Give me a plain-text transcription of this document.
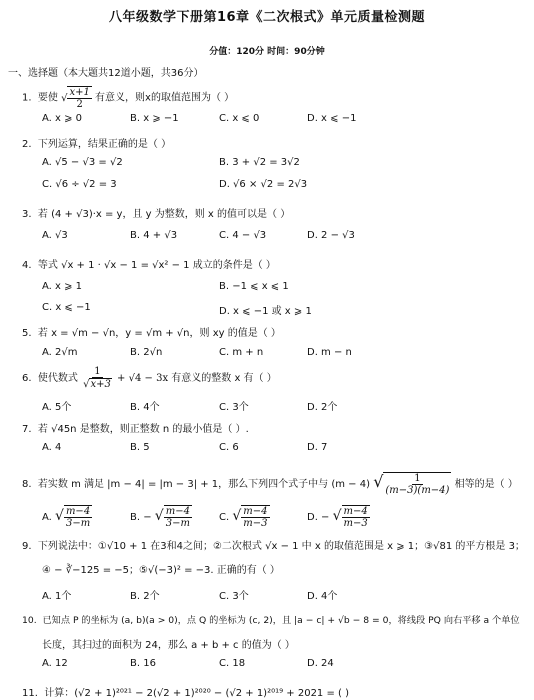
八年级数学下册第16章《二次根式》单元质量检测题
分值：120分 时间：90分钟
一、选择题（本大题共12道小题，共36分）
1. 要使 √ $\frac{x+1}{2}$ 有意义，则x的取值范围为（ ）
A. x ⩾ 0	B. x ⩾ −1	C. x ⩽ 0	D. x ⩽ −1
2. 下列运算，结果正确的是（ ）
A. √5 − √3 = √2	B. 3 + √2 = 3√2
C. √6 ÷ √2 = 3	D. √6 × √2 = 2√3
3. 若 (4 + √3)·x = y，且 y 为整数，则 x 的值可以是（ ）
A. √3	B. 4 + √3	C. 4 − √3	D. 2 − √3
4. 等式 √x + 1 · √x − 1 = √x² − 1 成立的条件是（ ）
A. x ⩾ 1	B. −1 ⩽ x ⩽ 1
C. x ⩽ −1	D. x ⩽ −1 或 x ⩾ 1
5. 若 x = √m − √n，y = √m + √n，则 xy 的值是（ ）
A. 2√m	B. 2√n	C. m + n	D. m − n
6. 使代数式 $\frac{1}{√x+3} + √4 - 3x$ 有意义的整数 x 有（ ）
A. 5个	B. 4个	C. 3个	D. 2个
7. 若 √45n 是整数，则正整数 n 的最小值是（ ）.
A. 4	B. 5	C. 6	D. 7
8. 若实数 m 满足 |m − 4| = |m − 3| + 1，那么下列四个式子中与 (m − 4) √ $\frac{1}{(m-3)(m-4)}$ 相等的是（ ）
A. √ $\frac{m-4}{3-m}$	B. − √ $\frac{m-4}{3-m}$	C. √ $\frac{m-4}{m-3}$	D. − √ $\frac{m-4}{m-3}$
9. 下列说法中：①√10 + 1 在3和4之间；②二次根式 √x − 1 中 x 的取值范围是 x ⩾ 1；③√81 的平方根是 3；
④ − ∛−125 = −5；⑤√(−3)² = −3. 正确的有（ ）
A. 1个	B. 2个	C. 3个	D. 4个
10. 已知点 P 的坐标为 (a, b)(a > 0)，点 Q 的坐标为 (c, 2)，且 |a − c| + √b − 8 = 0，将线段 PQ 向右平移 a 个单位
长度，其扫过的面积为 24，那么 a + b + c 的值为（ ）
A. 12	B. 16	C. 18	D. 24
11. 计算：(√2 + 1)²⁰²¹ − 2(√2 + 1)²⁰²⁰ − (√2 + 1)²⁰¹⁹ + 2021 = ( )
